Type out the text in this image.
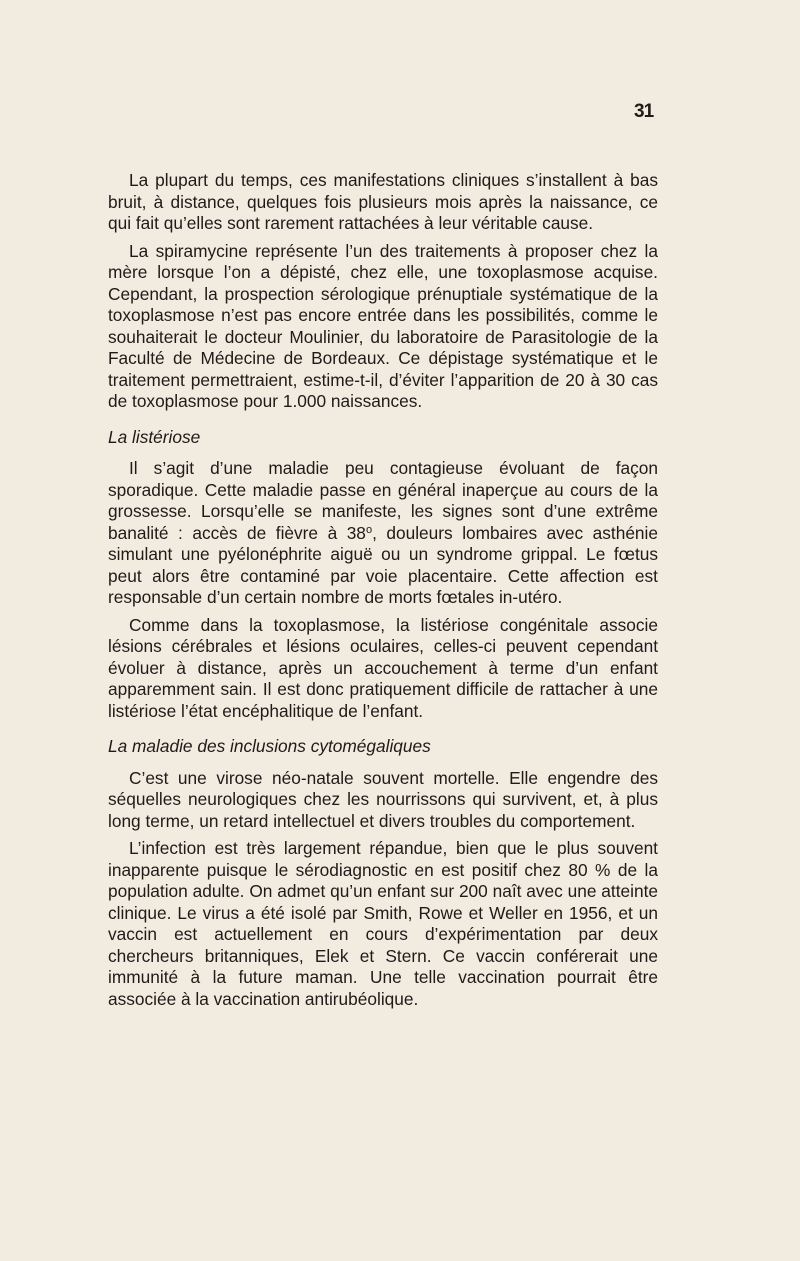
31

La plupart du temps, ces manifestations cliniques s’installent à bas bruit, à distance, quelques fois plusieurs mois après la naissance, ce qui fait qu’elles sont rarement rattachées à leur véritable cause.

La spiramycine représente l’un des traitements à proposer chez la mère lorsque l’on a dépisté, chez elle, une toxoplasmose acquise. Cependant, la prospection sérologique prénuptiale systématique de la toxoplasmose n’est pas encore entrée dans les possibilités, comme le souhaiterait le docteur Moulinier, du laboratoire de Parasitologie de la Faculté de Médecine de Bordeaux. Ce dépistage systématique et le traitement permettraient, estime-t-il, d’éviter l’apparition de 20 à 30 cas de toxoplasmose pour 1.000 naissances.

La listériose

Il s’agit d’une maladie peu contagieuse évoluant de façon sporadique. Cette maladie passe en général inaperçue au cours de la grossesse. Lorsqu’elle se manifeste, les signes sont d’une extrême banalité : accès de fièvre à 38$^o$, douleurs lombaires avec asthénie simulant une pyélonéphrite aiguë ou un syndrome grippal. Le fœtus peut alors être contaminé par voie placentaire. Cette affection est responsable d’un certain nombre de morts fœtales in-utéro.

Comme dans la toxoplasmose, la listériose congénitale associe lésions cérébrales et lésions oculaires, celles-ci peuvent cependant évoluer à distance, après un accouchement à terme d’un enfant apparemment sain. Il est donc pratiquement difficile de rattacher à une listériose l’état encéphalitique de l’enfant.

La maladie des inclusions cytomégaliques

C’est une virose néo-natale souvent mortelle. Elle engendre des séquelles neurologiques chez les nourrissons qui survivent, et, à plus long terme, un retard intellectuel et divers troubles du comportement.

L’infection est très largement répandue, bien que le plus souvent inapparente puisque le sérodiagnostic en est positif chez 80 % de la population adulte. On admet qu’un enfant sur 200 naît avec une atteinte clinique. Le virus a été isolé par Smith, Rowe et Weller en 1956, et un vaccin est actuellement en cours d’expérimentation par deux chercheurs britanniques, Elek et Stern. Ce vaccin conférerait une immunité à la future maman. Une telle vaccination pourrait être associée à la vaccination antirubéolique.
